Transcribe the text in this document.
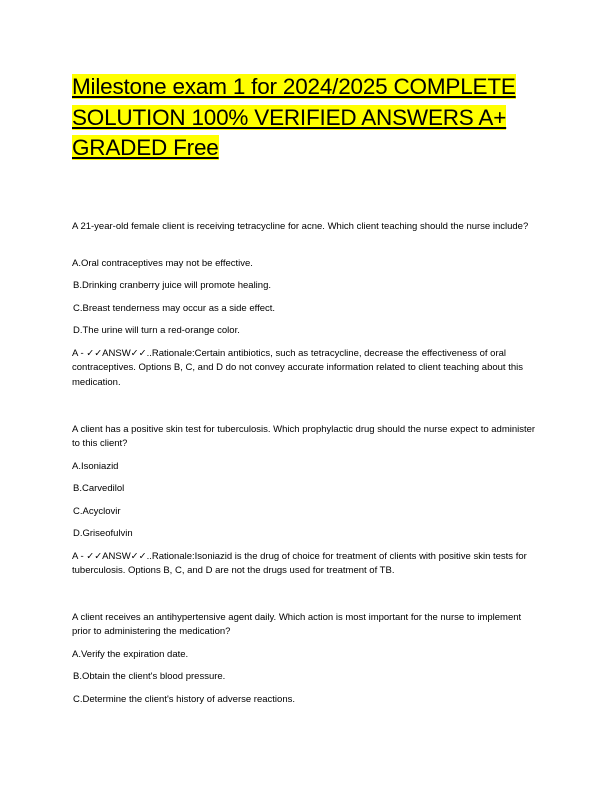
Milestone exam 1 for 2024/2025 COMPLETE SOLUTION 100% VERIFIED ANSWERS A+ GRADED Free
A 21-year-old female client is receiving tetracycline for acne. Which client teaching should the nurse include?
A.Oral contraceptives may not be effective.
B.Drinking cranberry juice will promote healing.
C.Breast tenderness may occur as a side effect.
D.The urine will turn a red-orange color.
A - ✓✓ANSW✓✓..Rationale:Certain antibiotics, such as tetracycline, decrease the effectiveness of oral contraceptives. Options B, C, and D do not convey accurate information related to client teaching about this medication.
A client has a positive skin test for tuberculosis. Which prophylactic drug should the nurse expect to administer to this client?
A.Isoniazid
B.Carvedilol
C.Acyclovir
D.Griseofulvin
A - ✓✓ANSW✓✓..Rationale:Isoniazid is the drug of choice for treatment of clients with positive skin tests for tuberculosis. Options B, C, and D are not the drugs used for treatment of TB.
A client receives an antihypertensive agent daily. Which action is most important for the nurse to implement prior to administering the medication?
A.Verify the expiration date.
B.Obtain the client's blood pressure.
C.Determine the client's history of adverse reactions.
